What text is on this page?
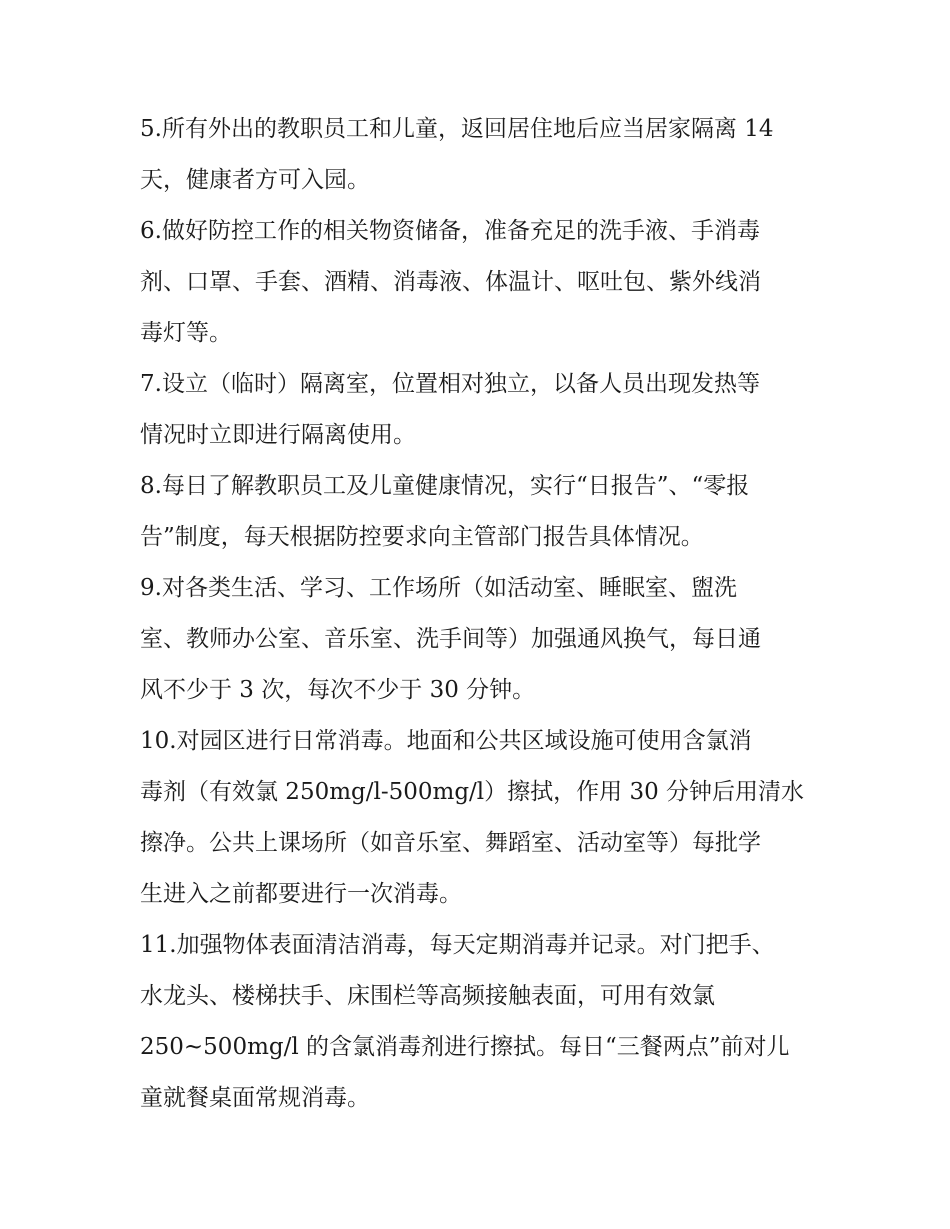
5.所有外出的教职员工和儿童，返回居住地后应当居家隔离 14
天，健康者方可入园。
6.做好防控工作的相关物资储备，准备充足的洗手液、手消毒
剂、口罩、手套、酒精、消毒液、体温计、呕吐包、紫外线消
毒灯等。
7.设立（临时）隔离室，位置相对独立，以备人员出现发热等
情况时立即进行隔离使用。
8.每日了解教职员工及儿童健康情况，实行“日报告”、“零报
告”制度，每天根据防控要求向主管部门报告具体情况。
9.对各类生活、学习、工作场所（如活动室、睡眠室、盥洗
室、教师办公室、音乐室、洗手间等）加强通风换气，每日通
风不少于 3 次，每次不少于 30 分钟。
10.对园区进行日常消毒。地面和公共区域设施可使用含氯消
毒剂（有效氯 250mg/l-500mg/l）擦拭，作用 30 分钟后用清水
擦净。公共上课场所（如音乐室、舞蹈室、活动室等）每批学
生进入之前都要进行一次消毒。
11.加强物体表面清洁消毒，每天定期消毒并记录。对门把手、
水龙头、楼梯扶手、床围栏等高频接触表面，可用有效氯
250~500mg/l 的含氯消毒剂进行擦拭。每日“三餐两点”前对儿
童就餐桌面常规消毒。
